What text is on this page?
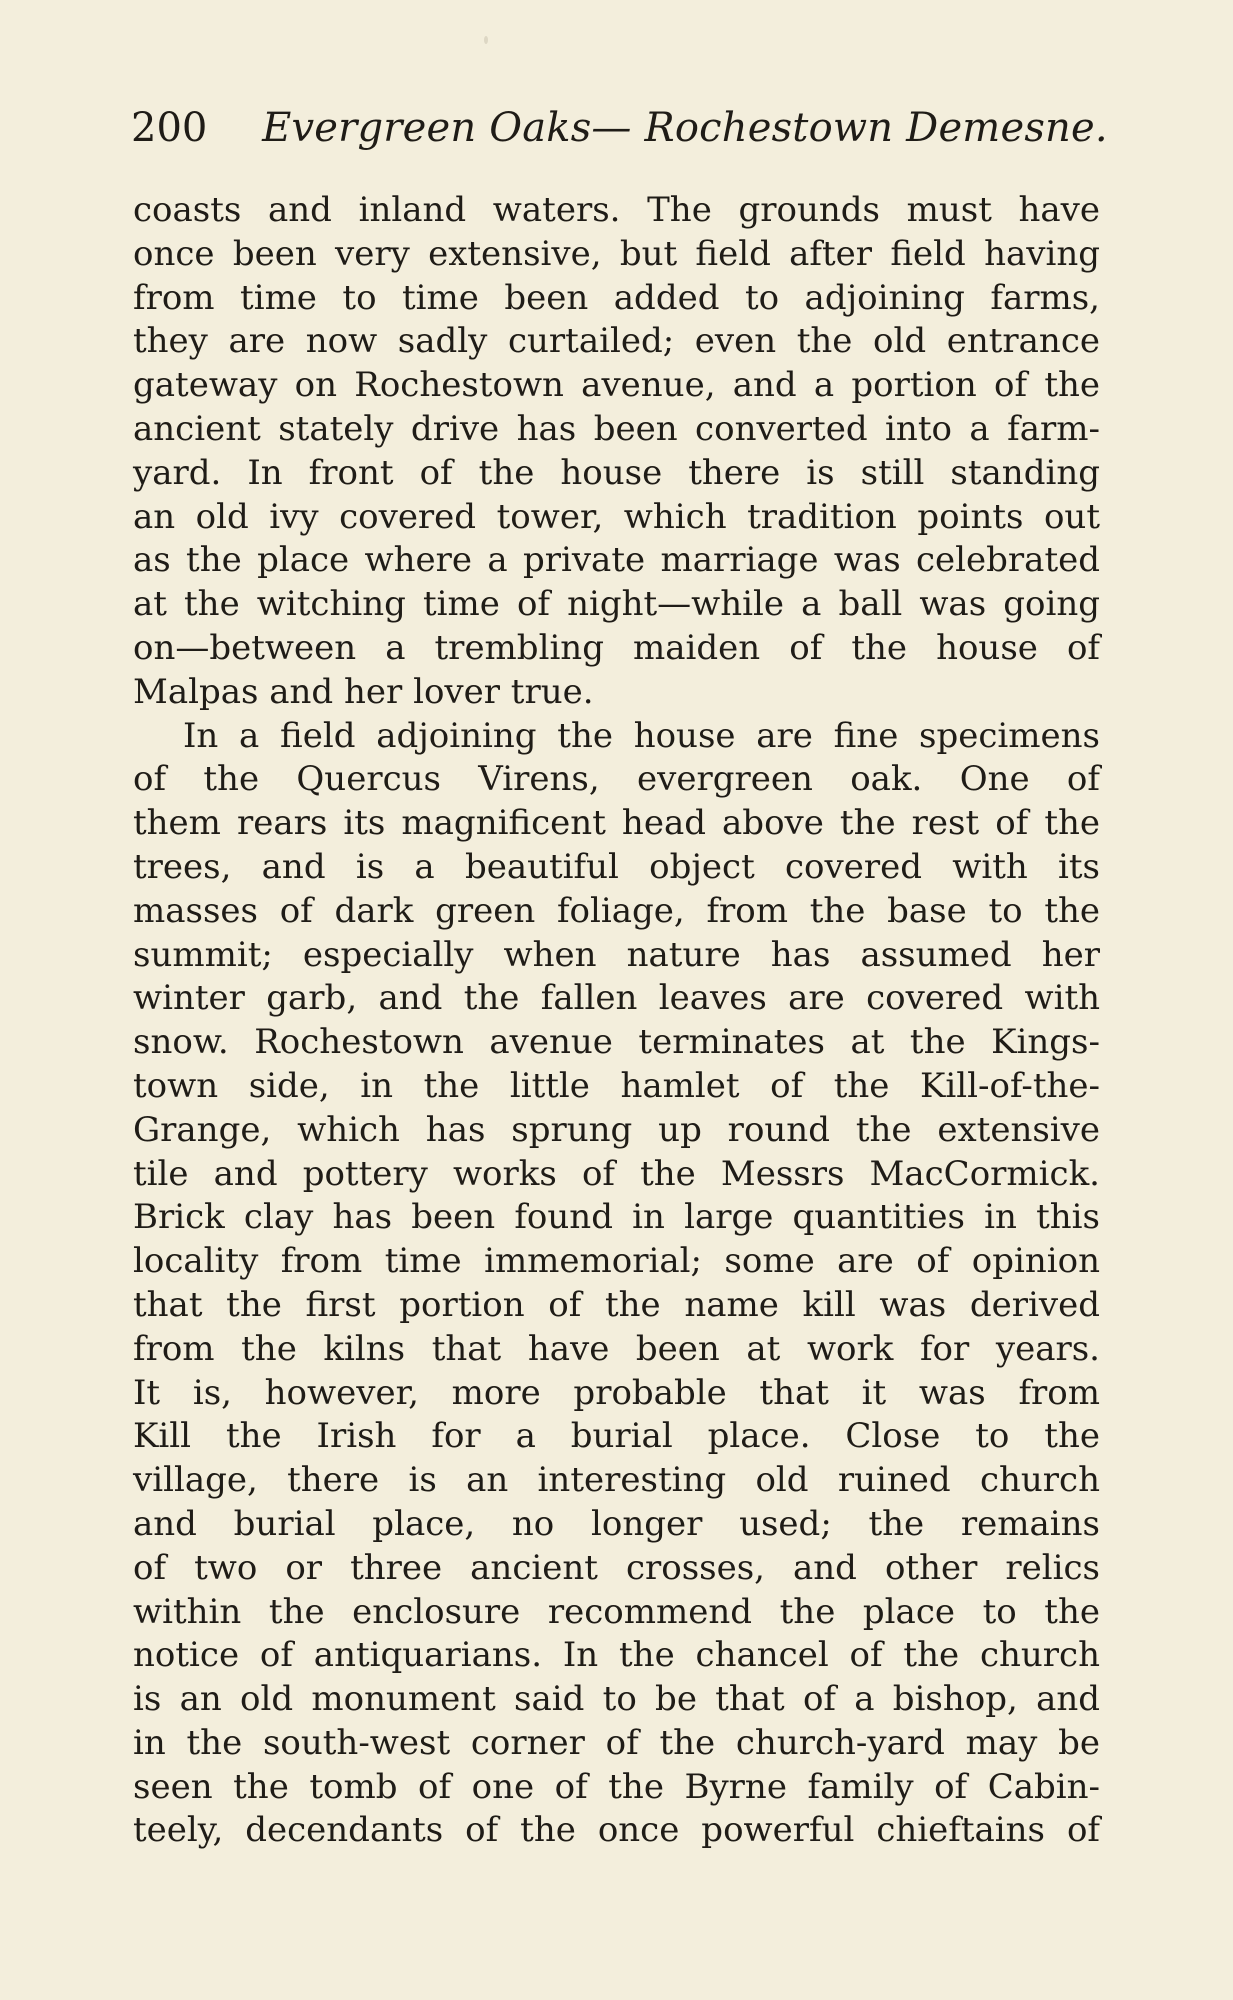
200 Evergreen Oaks— Rochestown Demesne.
coasts and inland waters. The grounds must have
once been very extensive, but field after field having
from time to time been added to adjoining farms,
they are now sadly curtailed; even the old entrance
gateway on Rochestown avenue, and a portion of the
ancient stately drive has been converted into a farm-
yard. In front of the house there is still standing
an old ivy covered tower, which tradition points out
as the place where a private marriage was celebrated
at the witching time of night—while a ball was going
on—between a trembling maiden of the house of
Malpas and her lover true.
In a field adjoining the house are fine specimens
of the Quercus Virens, evergreen oak. One of
them rears its magnificent head above the rest of the
trees, and is a beautiful object covered with its
masses of dark green foliage, from the base to the
summit; especially when nature has assumed her
winter garb, and the fallen leaves are covered with
snow. Rochestown avenue terminates at the Kings-
town side, in the little hamlet of the Kill-of-the-
Grange, which has sprung up round the extensive
tile and pottery works of the Messrs MacCormick.
Brick clay has been found in large quantities in this
locality from time immemorial; some are of opinion
that the first portion of the name kill was derived
from the kilns that have been at work for years.
It is, however, more probable that it was from
Kill the Irish for a burial place. Close to the
village, there is an interesting old ruined church
and burial place, no longer used; the remains
of two or three ancient crosses, and other relics
within the enclosure recommend the place to the
notice of antiquarians. In the chancel of the church
is an old monument said to be that of a bishop, and
in the south-west corner of the church-yard may be
seen the tomb of one of the Byrne family of Cabin-
teely, decendants of the once powerful chieftains of
